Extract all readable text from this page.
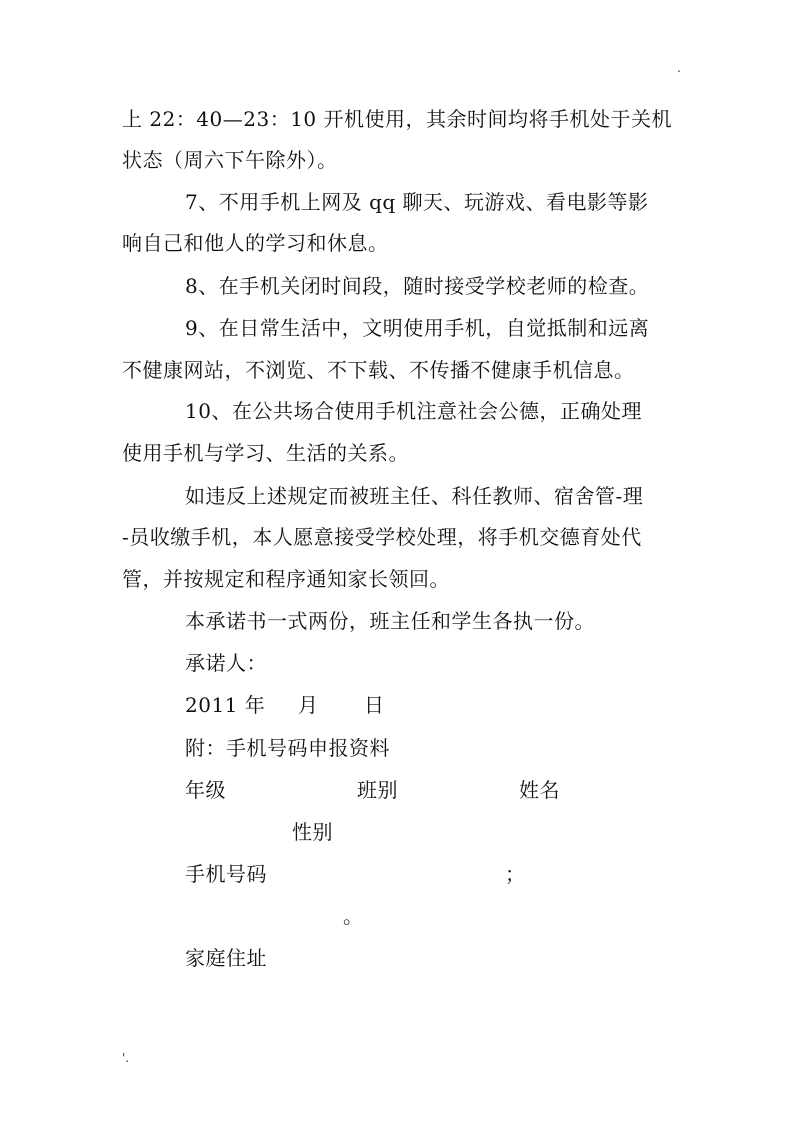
.
上 22：40—23：10 开机使用，其余时间均将手机处于关机
状态（周六下午除外）。
7、不用手机上网及 qq 聊天、玩游戏、看电影等影
响自己和他人的学习和休息。
8、在手机关闭时间段，随时接受学校老师的检查。
9、在日常生活中，文明使用手机，自觉抵制和远离
不健康网站，不浏览、不下载、不传播不健康手机信息。
10、在公共场合使用手机注意社会公德，正确处理
使用手机与学习、生活的关系。
如违反上述规定而被班主任、科任教师、宿舍管-理
-员收缴手机，本人愿意接受学校处理，将手机交德育处代
管，并按规定和程序通知家长领回。
本承诺书一式两份，班主任和学生各执一份。
承诺人：
2011 年 月 日
附：手机号码申报资料
年级	班别	姓名
性别
手机号码	；
。
家庭住址
'.
